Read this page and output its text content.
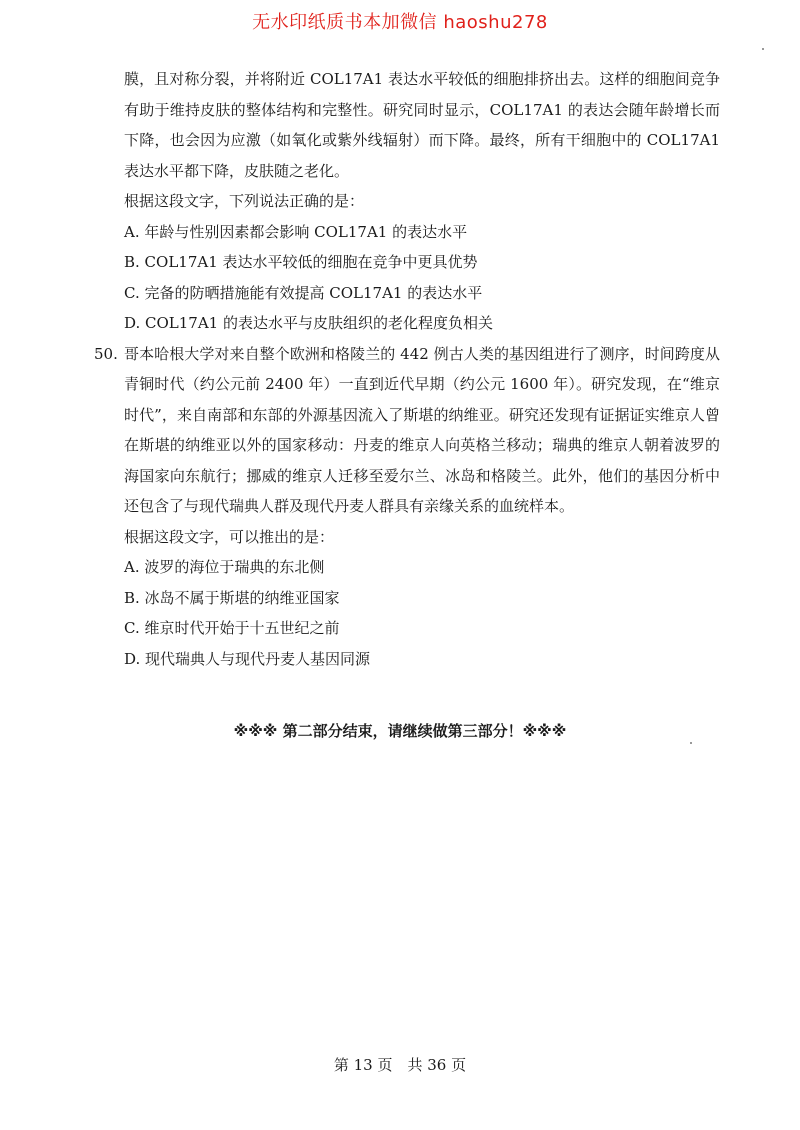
无水印纸质书本加微信 haoshu278

膜，且对称分裂，并将附近 COL17A1 表达水平较低的细胞排挤出去。这样的细胞间竞争有助于维持皮肤的整体结构和完整性。研究同时显示，COL17A1 的表达会随年龄增长而下降，也会因为应激（如氧化或紫外线辐射）而下降。最终，所有干细胞中的 COL17A1 表达水平都下降，皮肤随之老化。

根据这段文字，下列说法正确的是：

A. 年龄与性别因素都会影响 COL17A1 的表达水平

B. COL17A1 表达水平较低的细胞在竞争中更具优势

C. 完备的防晒措施能有效提高 COL17A1 的表达水平

D. COL17A1 的表达水平与皮肤组织的老化程度负相关

50. 哥本哈根大学对来自整个欧洲和格陵兰的 442 例古人类的基因组进行了测序，时间跨度从青铜时代（约公元前 2400 年）一直到近代早期（约公元 1600 年）。研究发现，在“维京时代”，来自南部和东部的外源基因流入了斯堪的纳维亚。研究还发现有证据证实维京人曾在斯堪的纳维亚以外的国家移动：丹麦的维京人向英格兰移动；瑞典的维京人朝着波罗的海国家向东航行；挪威的维京人迁移至爱尔兰、冰岛和格陵兰。此外，他们的基因分析中还包含了与现代瑞典人群及现代丹麦人群具有亲缘关系的血统样本。

根据这段文字，可以推出的是：

A. 波罗的海位于瑞典的东北侧

B. 冰岛不属于斯堪的纳维亚国家

C. 维京时代开始于十五世纪之前

D. 现代瑞典人与现代丹麦人基因同源

※※※ 第二部分结束，请继续做第三部分！※※※
第 13 页　共 36 页
